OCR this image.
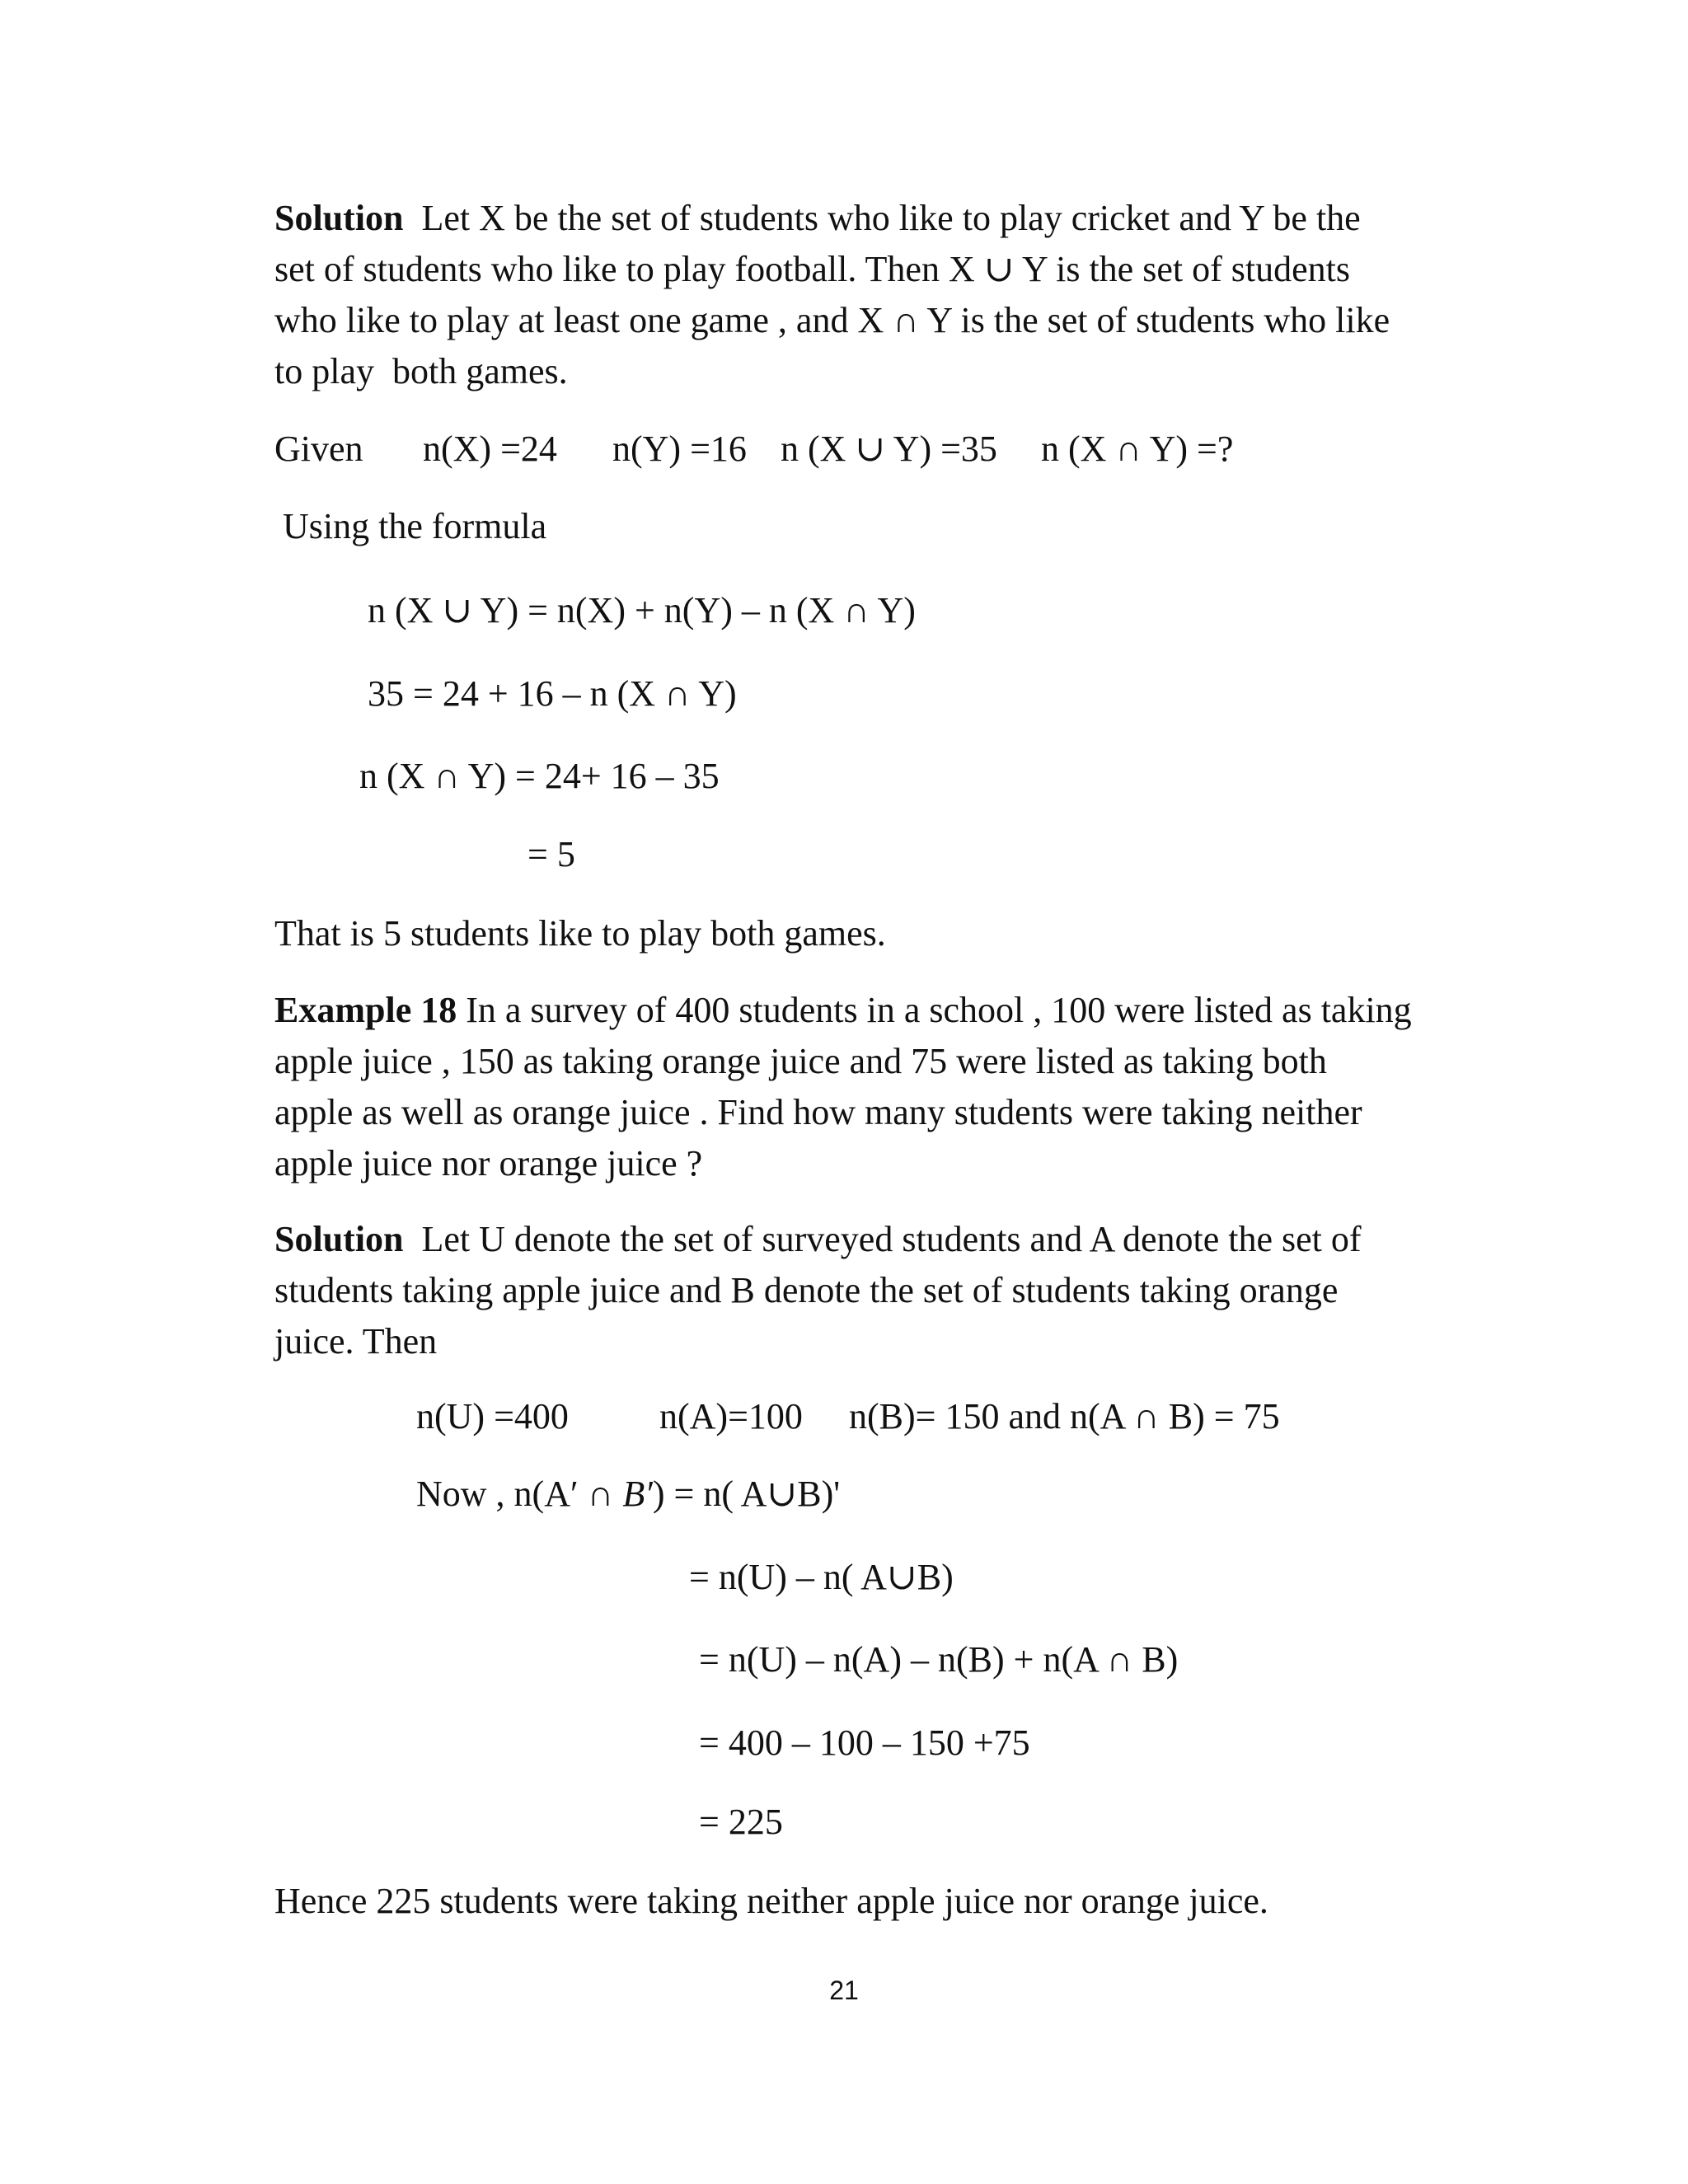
Solution Let X be the set of students who like to play cricket and Y be the
set of students who like to play football. Then X ∪ Y is the set of students
who like to play at least one game , and X ∩ Y is the set of students who like
to play  both games.
Given n(X) =24 n(Y) =16 n (X ∪ Y) =35 n (X ∩ Y) =?
Using the formula
n (X ∪ Y) = n(X) + n(Y) – n (X ∩ Y)
35 = 24 + 16 – n (X ∩ Y)
n (X ∩ Y) = 24+ 16 – 35
= 5
That is 5 students like to play both games.
Example 18 In a survey of 400 students in a school , 100 were listed as taking
apple juice , 150 as taking orange juice and 75 were listed as taking both
apple as well as orange juice . Find how many students were taking neither
apple juice nor orange juice ?
Solution Let U denote the set of surveyed students and A denote the set of
students taking apple juice and B denote the set of students taking orange
juice. Then
n(U) =400	n(A)=100 n(B)= 150 and n(A ∩ B) = 75
Now , n(A′ ∩ B′) = n( A∪B)'
= n(U) – n( A∪B)
= n(U) – n(A) – n(B) + n(A ∩ B)
= 400 – 100 – 150 +75
= 225
Hence 225 students were taking neither apple juice nor orange juice.
21
